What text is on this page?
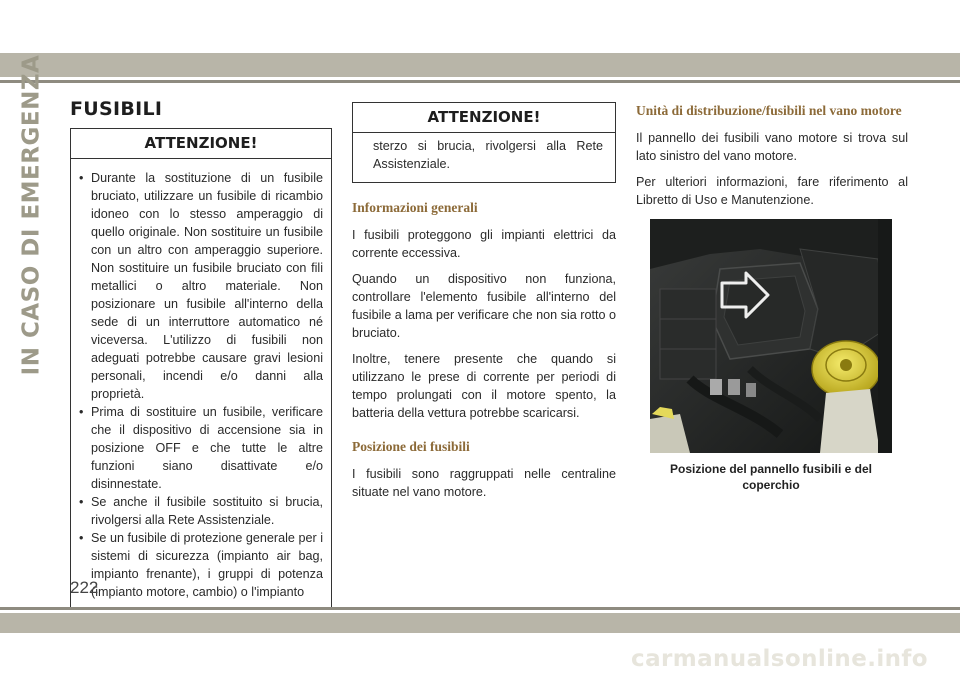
IN CASO DI EMERGENZA FUSIBILI
ATTENZIONE!
• Durante la sostituzione di un fusibile bruciato, utilizzare un fusibile di ricambio idoneo con lo stesso amperaggio di quello originale. Non sostituire un fusibile con un altro con amperaggio superiore. Non sostituire un fusibile bruciato con fili metallici o altro materiale. Non posizionare un fusibile all'interno della sede di un interruttore automatico né viceversa. L'utilizzo di fusibili non adeguati potrebbe causare gravi lesioni personali, incendi e/o danni alla proprietà.
• Prima di sostituire un fusibile, verificare che il dispositivo di accensione sia in posizione OFF e che tutte le altre funzioni siano disattivate e/o disinnestate.
• Se anche il fusibile sostituito si brucia, rivolgersi alla Rete Assistenziale.
• Se un fusibile di protezione generale per i sistemi di sicurezza (impianto air bag, impianto frenante), i gruppi di potenza (impianto motore, cambio) o l'impianto
ATTENZIONE!
sterzo si brucia, rivolgersi alla Rete Assistenziale.
Informazioni generali

I fusibili proteggono gli impianti elettrici da corrente eccessiva.

Quando un dispositivo non funziona, controllare l'elemento fusibile all'interno del fusibile a lama per verificare che non sia rotto o bruciato.

Inoltre, tenere presente che quando si utilizzano le prese di corrente per periodi di tempo prolungati con il motore spento, la batteria della vettura potrebbe scaricarsi.

Posizione dei fusibili

I fusibili sono raggruppati nelle centraline situate nel vano motore.

Unità di distribuzione/fusibili nel vano motore

Il pannello dei fusibili vano motore si trova sul lato sinistro del vano motore.

Per ulteriori informazioni, fare riferimento al Libretto di Uso e Manutenzione.

Posizione del pannello fusibili e del coperchio
222
carmanualsonline.info
